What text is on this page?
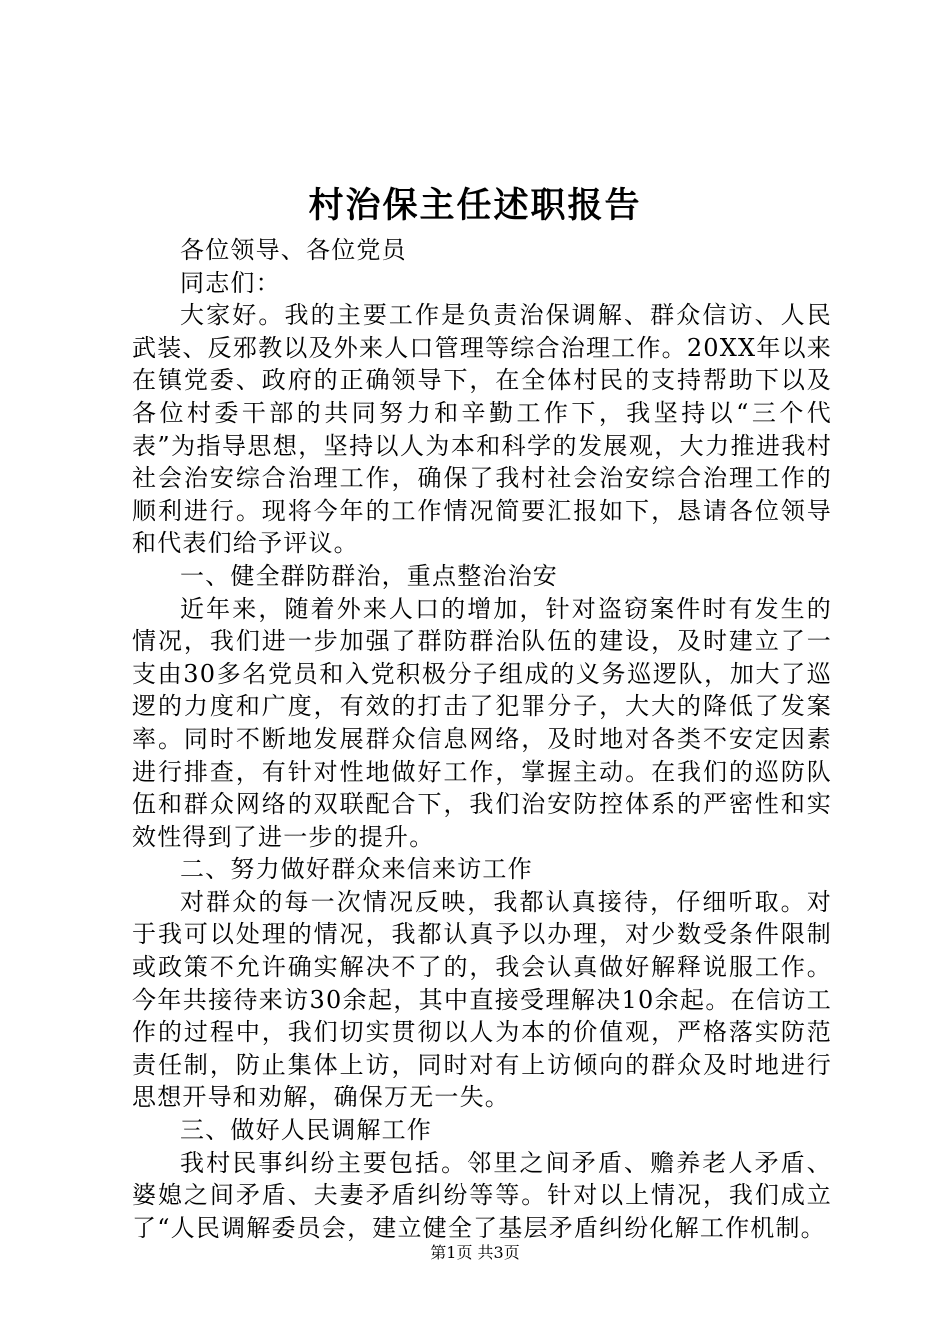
村治保主任述职报告

各位领导、各位党员

同志们：

大家好。我的主要工作是负责治保调解、群众信访、人民武装、反邪教以及外来人口管理等综合治理工作。20XX年以来在镇党委、政府的正确领导下，在全体村民的支持帮助下以及各位村委干部的共同努力和辛勤工作下，我坚持以“三个代表”为指导思想，坚持以人为本和科学的发展观，大力推进我村社会治安综合治理工作，确保了我村社会治安综合治理工作的顺利进行。现将今年的工作情况简要汇报如下，恳请各位领导和代表们给予评议。

一、健全群防群治，重点整治治安

近年来，随着外来人口的增加，针对盗窃案件时有发生的情况，我们进一步加强了群防群治队伍的建设，及时建立了一支由30多名党员和入党积极分子组成的义务巡逻队，加大了巡逻的力度和广度，有效的打击了犯罪分子，大大的降低了发案率。同时不断地发展群众信息网络，及时地对各类不安定因素进行排查，有针对性地做好工作，掌握主动。在我们的巡防队伍和群众网络的双联配合下，我们治安防控体系的严密性和实效性得到了进一步的提升。

二、努力做好群众来信来访工作

对群众的每一次情况反映，我都认真接待，仔细听取。对于我可以处理的情况，我都认真予以办理，对少数受条件限制或政策不允许确实解决不了的，我会认真做好解释说服工作。今年共接待来访30余起，其中直接受理解决10余起。在信访工作的过程中，我们切实贯彻以人为本的价值观，严格落实防范责任制，防止集体上访，同时对有上访倾向的群众及时地进行思想开导和劝解，确保万无一失。

三、做好人民调解工作

我村民事纠纷主要包括。邻里之间矛盾、赡养老人矛盾、婆媳之间矛盾、夫妻矛盾纠纷等等。针对以上情况，我们成立了“人民调解委员会，建立健全了基层矛盾纠纷化解工作机制。

第1页 共3页
